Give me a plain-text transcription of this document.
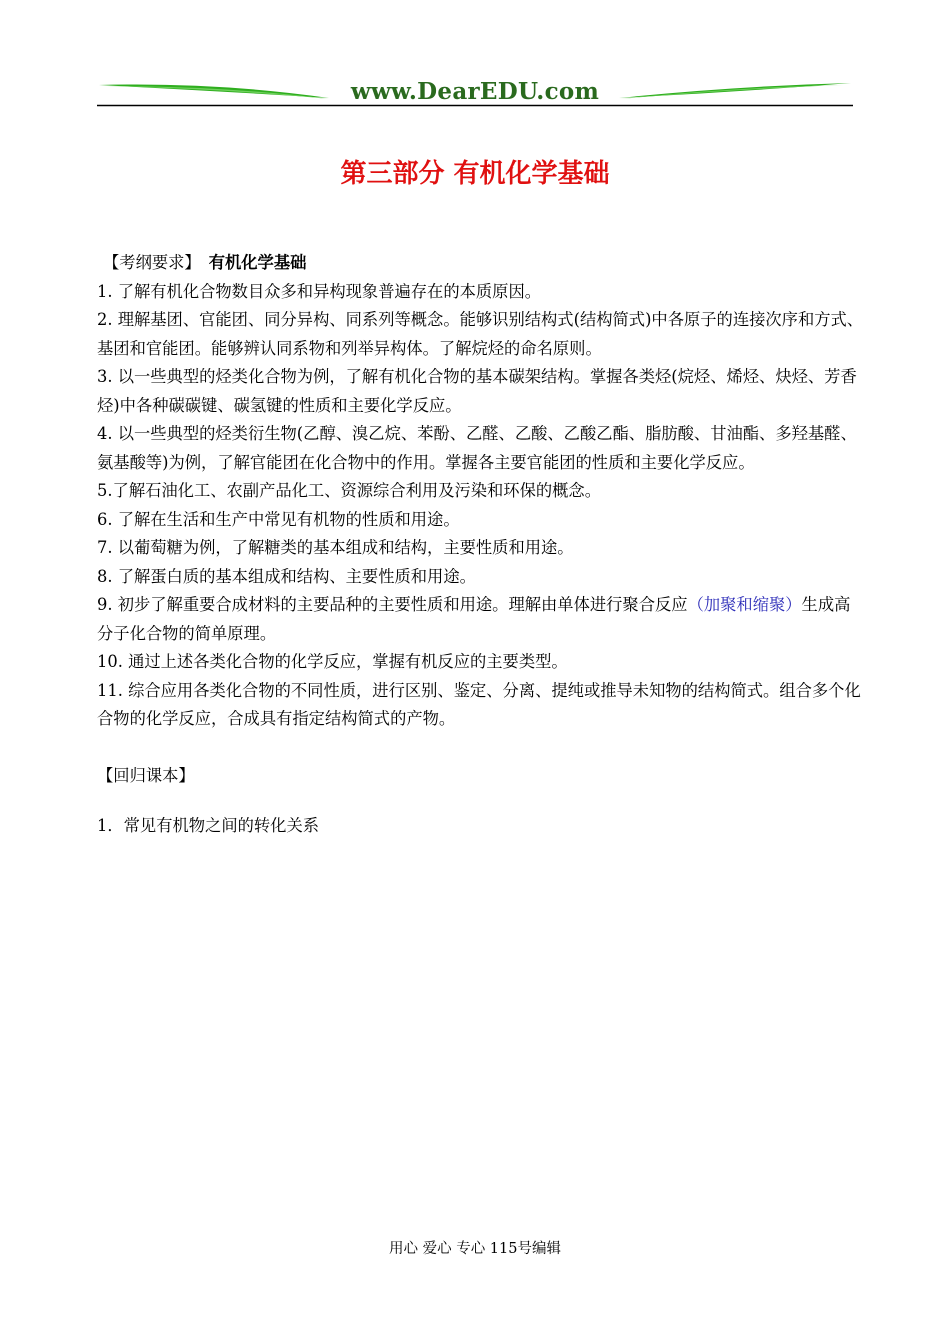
www.DearEDU.com
第三部分 有机化学基础

【考纲要求】 有机化学基础

1. 了解有机化合物数目众多和异构现象普遍存在的本质原因。

2. 理解基团、官能团、同分异构、同系列等概念。能够识别结构式(结构简式)中各原子的连接次序和方式、基团和官能团。能够辨认同系物和列举异构体。了解烷烃的命名原则。

3. 以一些典型的烃类化合物为例，了解有机化合物的基本碳架结构。掌握各类烃(烷烃、烯烃、炔烃、芳香烃)中各种碳碳键、碳氢键的性质和主要化学反应。

4. 以一些典型的烃类衍生物(乙醇、溴乙烷、苯酚、乙醛、乙酸、乙酸乙酯、脂肪酸、甘油酯、多羟基醛、氨基酸等)为例，了解官能团在化合物中的作用。掌握各主要官能团的性质和主要化学反应。

5.了解石油化工、农副产品化工、资源综合利用及污染和环保的概念。

6. 了解在生活和生产中常见有机物的性质和用途。

7. 以葡萄糖为例，了解糖类的基本组成和结构，主要性质和用途。

8. 了解蛋白质的基本组成和结构、主要性质和用途。

9. 初步了解重要合成材料的主要品种的主要性质和用途。理解由单体进行聚合反应（加聚和缩聚）生成高分子化合物的简单原理。

10. 通过上述各类化合物的化学反应，掌握有机反应的主要类型。

11. 综合应用各类化合物的不同性质，进行区别、鉴定、分离、提纯或推导未知物的结构简式。组合多个化合物的化学反应，合成具有指定结构简式的产物。

【回归课本】

1．常见有机物之间的转化关系

用心 爱心 专心 115号编辑
